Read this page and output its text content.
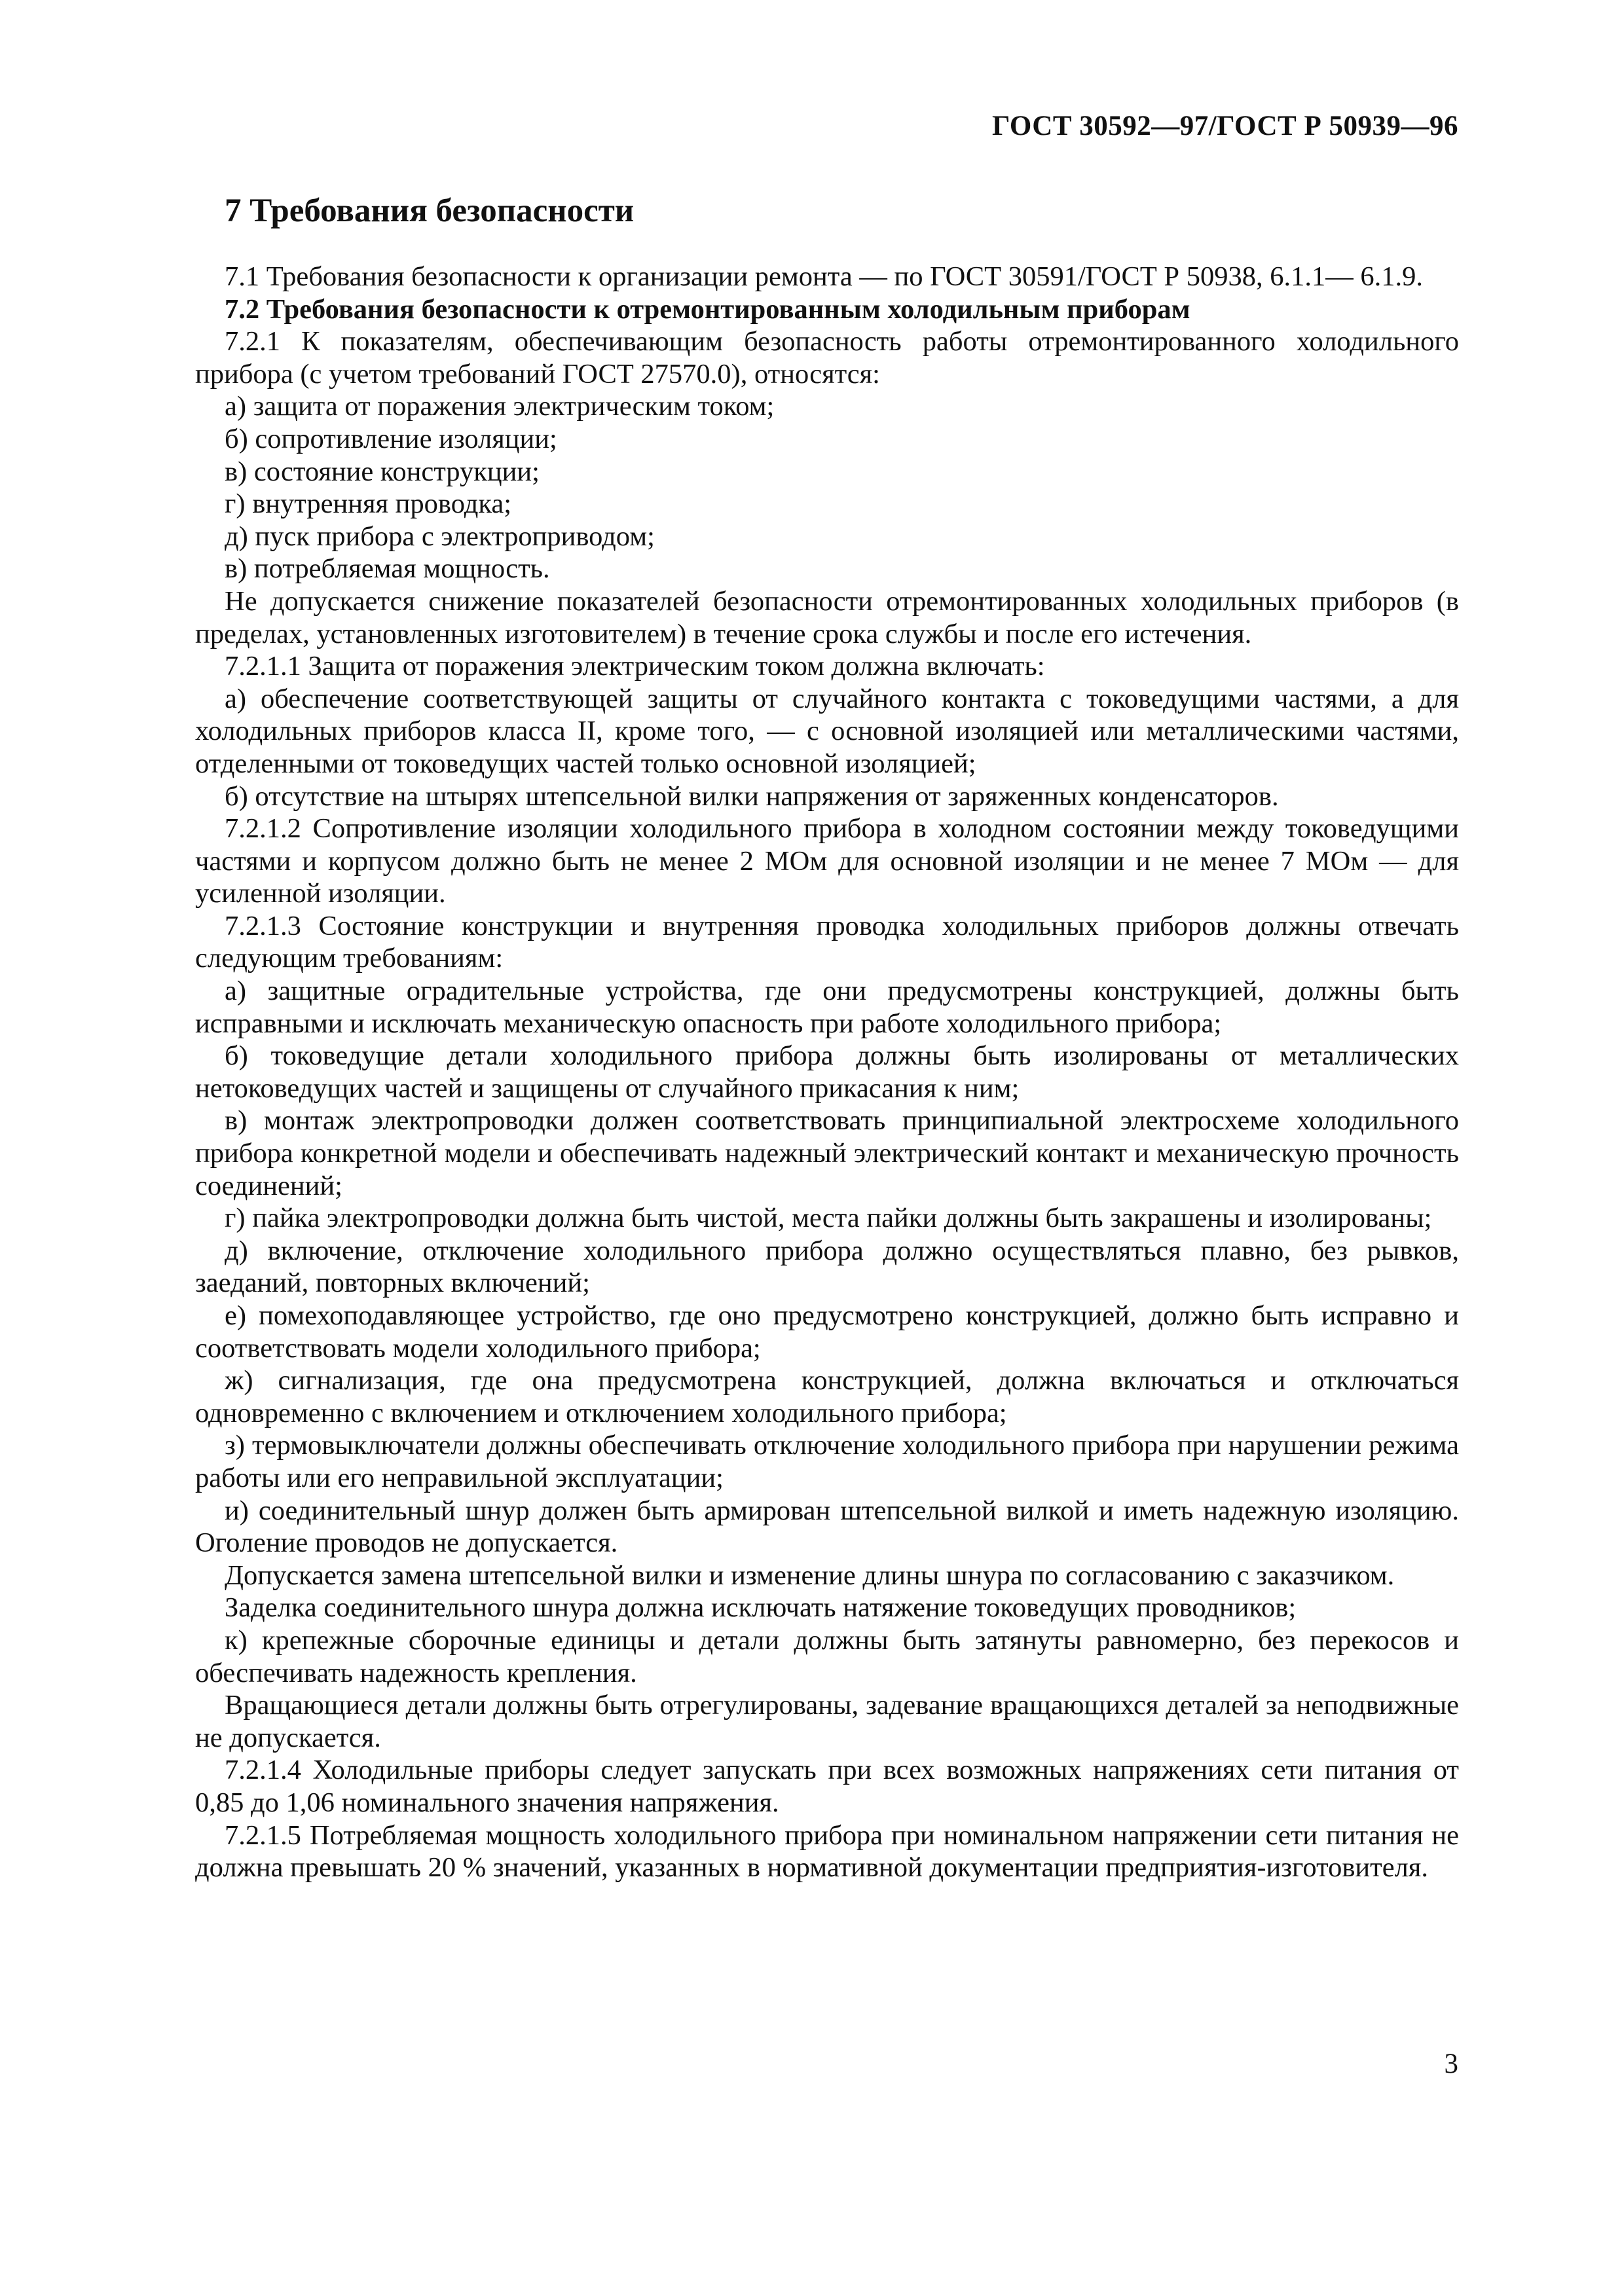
ГОСТ 30592—97/ГОСТ Р 50939—96
7 Требования безопасности

7.1 Требования безопасности к организации ремонта — по ГОСТ 30591/ГОСТ Р 50938, 6.1.1— 6.1.9.

7.2 Требования безопасности к отремонтированным холодильным приборам

7.2.1 К показателям, обеспечивающим безопасность работы отремонтированного холодильного прибора (с учетом требований ГОСТ 27570.0), относятся:

а) защита от поражения электрическим током;

б) сопротивление изоляции;

в) состояние конструкции;

г) внутренняя проводка;

д) пуск прибора с электроприводом;

в) потребляемая мощность.

Не допускается снижение показателей безопасности отремонтированных холодильных приборов (в пределах, установленных изготовителем) в течение срока службы и после его истечения.

7.2.1.1 Защита от поражения электрическим током должна включать:

а) обеспечение соответствующей защиты от случайного контакта с токоведущими частями, а для холодильных приборов класса II, кроме того, — с основной изоляцией или металлическими частями, отделенными от токоведущих частей только основной изоляцией;

б) отсутствие на штырях штепсельной вилки напряжения от заряженных конденсаторов.

7.2.1.2 Сопротивление изоляции холодильного прибора в холодном состоянии между токоведущими частями и корпусом должно быть не менее 2 МОм для основной изоляции и не менее 7 МОм — для усиленной изоляции.

7.2.1.3 Состояние конструкции и внутренняя проводка холодильных приборов должны отвечать следующим требованиям:

а) защитные оградительные устройства, где они предусмотрены конструкцией, должны быть исправными и исключать механическую опасность при работе холодильного прибора;

б) токоведущие детали холодильного прибора должны быть изолированы от металлических нетоковедущих частей и защищены от случайного прикасания к ним;

в) монтаж электропроводки должен соответствовать принципиальной электросхеме холодильного прибора конкретной модели и обеспечивать надежный электрический контакт и механическую прочность соединений;

г) пайка электропроводки должна быть чистой, места пайки должны быть закрашены и изолированы;

д) включение, отключение холодильного прибора должно осуществляться плавно, без рывков, заеданий, повторных включений;

е) помехоподавляющее устройство, где оно предусмотрено конструкцией, должно быть исправно и соответствовать модели холодильного прибора;

ж) сигнализация, где она предусмотрена конструкцией, должна включаться и отключаться одновременно с включением и отключением холодильного прибора;

з) термовыключатели должны обеспечивать отключение холодильного прибора при нарушении режима работы или его неправильной эксплуатации;

и) соединительный шнур должен быть армирован штепсельной вилкой и иметь надежную изоляцию. Оголение проводов не допускается.

Допускается замена штепсельной вилки и изменение длины шнура по согласованию с заказчиком.

Заделка соединительного шнура должна исключать натяжение токоведущих проводников;

к) крепежные сборочные единицы и детали должны быть затянуты равномерно, без перекосов и обеспечивать надежность крепления.

Вращающиеся детали должны быть отрегулированы, задевание вращающихся деталей за неподвижные не допускается.

7.2.1.4 Холодильные приборы следует запускать при всех возможных напряжениях сети питания от 0,85 до 1,06 номинального значения напряжения.

7.2.1.5 Потребляемая мощность холодильного прибора при номинальном напряжении сети питания не должна превышать 20 % значений, указанных в нормативной документации предприятия-изготовителя.

3
